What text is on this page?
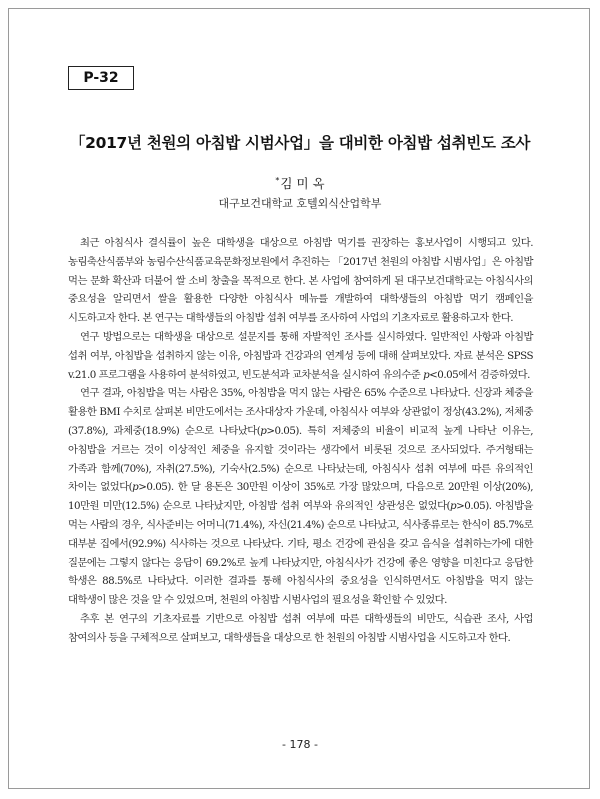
P-32
「2017년 천원의 아침밥 시범사업」을 대비한 아침밥 섭취빈도 조사
*김 미 옥
대구보건대학교 호텔외식산업학부

최근 아침식사 결식률이 높은 대학생을 대상으로 아침밥 먹기를 권장하는 홍보사업이 시행되고 있다. 농림축산식품부와 농림수산식품교육문화정보원에서 추진하는 「2017년 천원의 아침밥 시범사업」은 아침밥 먹는 문화 확산과 더불어 쌀 소비 창출을 목적으로 한다. 본 사업에 참여하게 된 대구보건대학교는 아침식사의 중요성을 알리면서 쌀을 활용한 다양한 아침식사 메뉴를 개발하여 대학생들의 아침밥 먹기 캠페인을 시도하고자 한다. 본 연구는 대학생들의 아침밥 섭취 여부를 조사하여 사업의 기초자료로 활용하고자 한다.

연구 방법으로는 대학생을 대상으로 설문지를 통해 자발적인 조사를 실시하였다. 일반적인 사항과 아침밥 섭취 여부, 아침밥을 섭취하지 않는 이유, 아침밥과 건강과의 연계성 등에 대해 살펴보았다. 자료 분석은 SPSS v.21.0 프로그램을 사용하여 분석하였고, 빈도분석과 교차분석을 실시하여 유의수준 p<0.05에서 검증하였다.

연구 결과, 아침밥을 먹는 사람은 35%, 아침밥을 먹지 않는 사람은 65% 수준으로 나타났다. 신장과 체중을 활용한 BMI 수치로 살펴본 비만도에서는 조사대상자 가운데, 아침식사 여부와 상관없이 정상(43.2%), 저체중(37.8%), 과체중(18.9%) 순으로 나타났다(p>0.05). 특히 저체중의 비율이 비교적 높게 나타난 이유는, 아침밥을 거르는 것이 이상적인 체중을 유지할 것이라는 생각에서 비롯된 것으로 조사되었다. 주거형태는 가족과 함께(70%), 자취(27.5%), 기숙사(2.5%) 순으로 나타났는데, 아침식사 섭취 여부에 따른 유의적인 차이는 없었다(p>0.05). 한 달 용돈은 30만원 이상이 35%로 가장 많았으며, 다음으로 20만원 이상(20%), 10만원 미만(12.5%) 순으로 나타났지만, 아침밥 섭취 여부와 유의적인 상관성은 없었다(p>0.05). 아침밥을 먹는 사람의 경우, 식사준비는 어머니(71.4%), 자신(21.4%) 순으로 나타났고, 식사종류로는 한식이 85.7%로 대부분 집에서(92.9%) 식사하는 것으로 나타났다. 기타, 평소 건강에 관심을 갖고 음식을 섭취하는가에 대한 질문에는 그렇지 않다는 응답이 69.2%로 높게 나타났지만, 아침식사가 건강에 좋은 영향을 미친다고 응답한 학생은 88.5%로 나타났다. 이러한 결과를 통해 아침식사의 중요성을 인식하면서도 아침밥을 먹지 않는 대학생이 많은 것을 알 수 있었으며, 천원의 아침밥 시범사업의 필요성을 확인할 수 있었다.

추후 본 연구의 기초자료를 기반으로 아침밥 섭취 여부에 따른 대학생들의 비만도, 식습관 조사, 사업 참여의사 등을 구체적으로 살펴보고, 대학생들을 대상으로 한 천원의 아침밥 시범사업을 시도하고자 한다.

- 178 -
